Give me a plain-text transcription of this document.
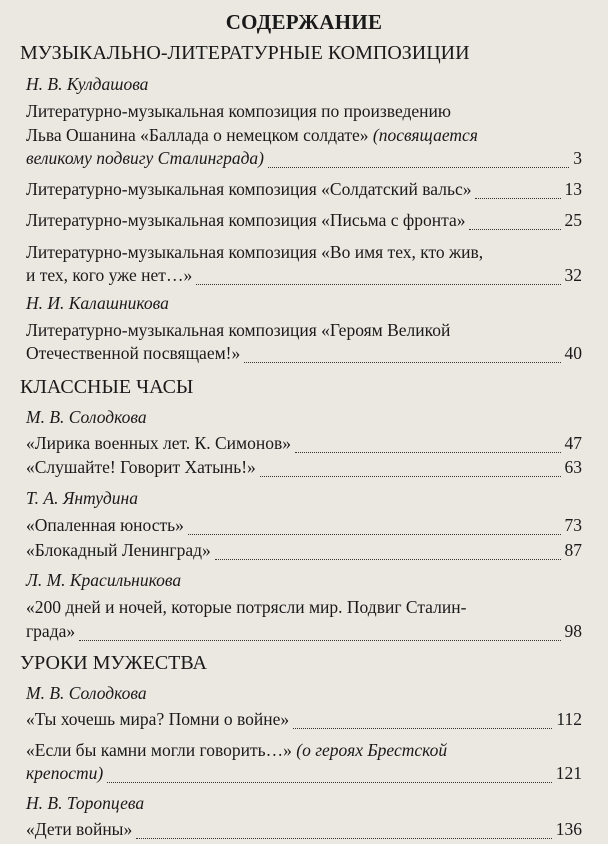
СОДЕРЖАНИЕ
МУЗЫКАЛЬНО-ЛИТЕРАТУРНЫЕ КОМПОЗИЦИИ
Н. В. Кулдашова
Литературно-музыкальная композиция по произведению
Льва Ошанина «Баллада о немецком солдате» (посвящается
великому подвигу Сталинграда)	3
Литературно-музыкальная композиция «Солдатский вальс»	13
Литературно-музыкальная композиция «Письма с фронта»	25
Литературно-музыкальная композиция «Во имя тех, кто жив,
и тех, кого уже нет…»	32
Н. И. Калашникова
Литературно-музыкальная композиция «Героям Великой
Отечественной посвящаем!»	40
КЛАССНЫЕ ЧАСЫ
М. В. Солодкова
«Лирика военных лет. К. Симонов»	47
«Слушайте! Говорит Хатынь!»	63
Т. А. Янтудина
«Опаленная юность»	73
«Блокадный Ленинград»	87
Л. М. Красильникова
«200 дней и ночей, которые потрясли мир. Подвиг Сталин-
града»	98
УРОКИ МУЖЕСТВА
М. В. Солодкова
«Ты хочешь мира? Помни о войне»	112
«Если бы камни могли говорить…» (о героях Брестской
крепости)	121
Н. В. Торопцева
«Дети войны»	136
